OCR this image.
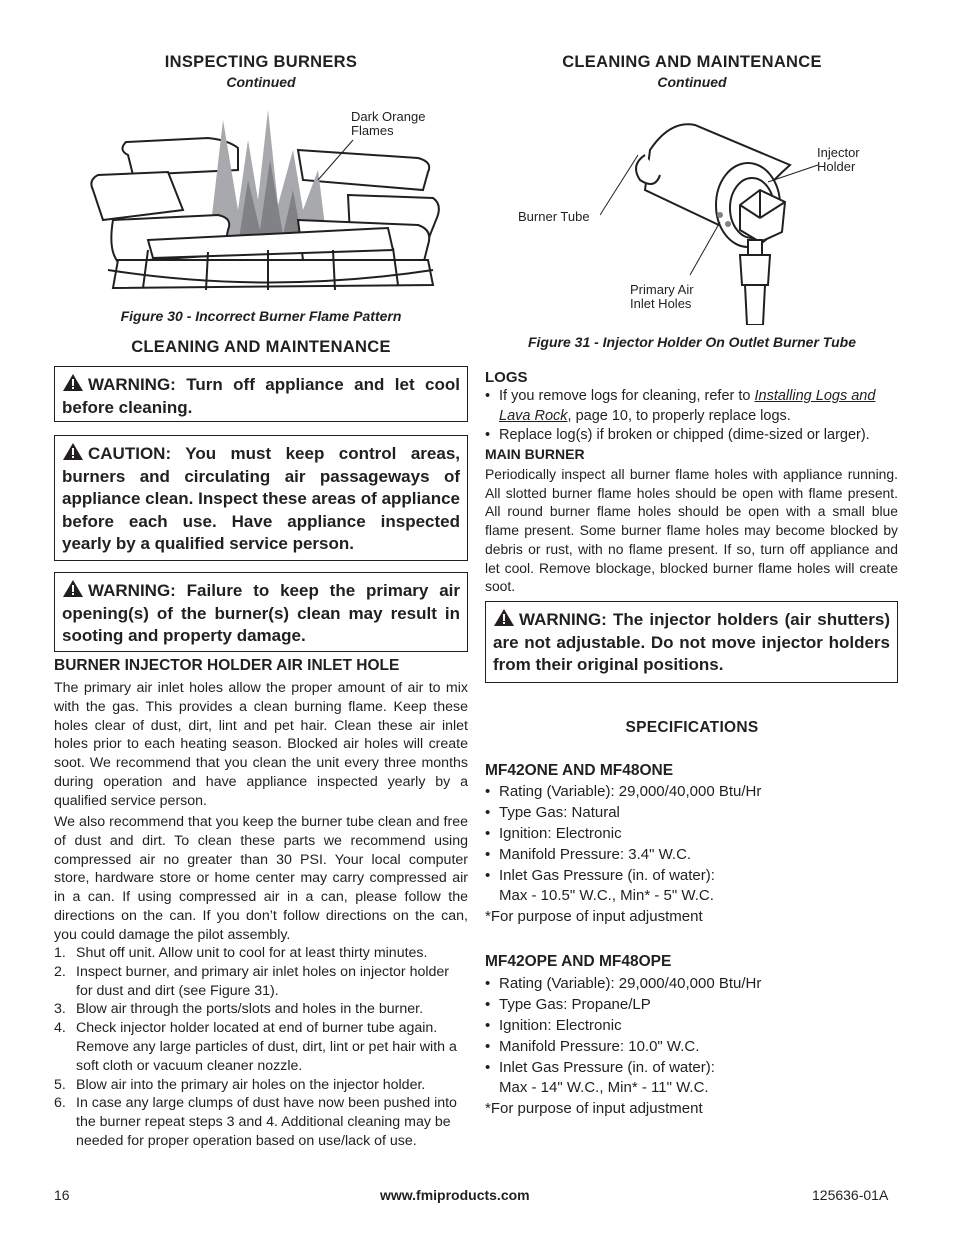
INSPECTING BURNERS
Continued
Dark Orange
Flames
Figure 30 - Incorrect Burner Flame Pattern
CLEANING AND MAINTENANCE
WARNING: Turn off appliance and let cool before cleaning.
CAUTION: You must keep control areas, burners and circulating air passageways of appliance clean. Inspect these areas of appliance before each use. Have appliance inspected yearly by a qualified service person.
WARNING: Failure to keep the primary air opening(s) of the burner(s) clean may result in sooting and property damage.
BURNER INJECTOR HOLDER AIR INLET HOLE

The primary air inlet holes allow the proper amount of air to mix with the gas. This provides a clean burning flame. Keep these holes clear of dust, dirt, lint and pet hair. Clean these air inlet holes prior to each heating season. Blocked air holes will create soot. We recommend that you clean the unit every three months during operation and have appliance inspected yearly by a qualified service person.

We also recommend that you keep the burner tube clean and free of dust and dirt. To clean these parts we recommend using compressed air no greater than 30 PSI. Your local computer store, hardware store or home center may carry compressed air in a can. If using compressed air in a can, please follow the directions on the can. If you don’t follow directions on the can, you could damage the pilot assembly.

1. Shut off unit. Allow unit to cool for at least thirty minutes.
2. Inspect burner, and primary air inlet holes on injector holder for dust and dirt (see Figure 31).
3. Blow air through the ports/slots and holes in the burner.
4. Check injector holder located at end of burner tube again. Remove any large particles of dust, dirt, lint or pet hair with a soft cloth or vacuum cleaner nozzle.
5. Blow air into the primary air holes on the injector holder.
6. In case any large clumps of dust have now been pushed into the burner repeat steps 3 and 4. Additional cleaning may be needed for proper operation based on use/lack of use.
CLEANING AND MAINTENANCE
Continued
Injector
Holder
Burner Tube
Primary Air
Inlet Holes
Figure 31 - Injector Holder On Outlet Burner Tube
LOGS
• If you remove logs for cleaning, refer to Installing Logs and Lava Rock, page 10, to properly replace logs.
• Replace log(s) if broken or chipped (dime-sized or larger).
MAIN BURNER

Periodically inspect all burner flame holes with appliance running. All slotted burner flame holes should be open with flame present. All round burner flame holes should be open with a small blue flame present. Some burner flame holes may become blocked by debris or rust, with no flame present. If so, turn off appliance and let cool. Remove blockage, blocked burner flame holes will create soot.

WARNING: The injector holders (air shutters) are not adjustable. Do not move injector holders from their original positions.
SPECIFICATIONS
MF42ONE AND MF48ONE
• Rating (Variable): 29,000/40,000 Btu/Hr
• Type Gas: Natural
• Ignition: Electronic
• Manifold Pressure: 3.4" W.C.
• Inlet Gas Pressure (in. of water):
Max - 10.5" W.C., Min* - 5" W.C.
*For purpose of input adjustment
MF42OPE AND MF48OPE
• Rating (Variable): 29,000/40,000 Btu/Hr
• Type Gas: Propane/LP
• Ignition: Electronic
• Manifold Pressure: 10.0" W.C.
• Inlet Gas Pressure (in. of water):
Max - 14" W.C., Min* - 11" W.C.
*For purpose of input adjustment
16	www.fmiproducts.com	125636-01A
